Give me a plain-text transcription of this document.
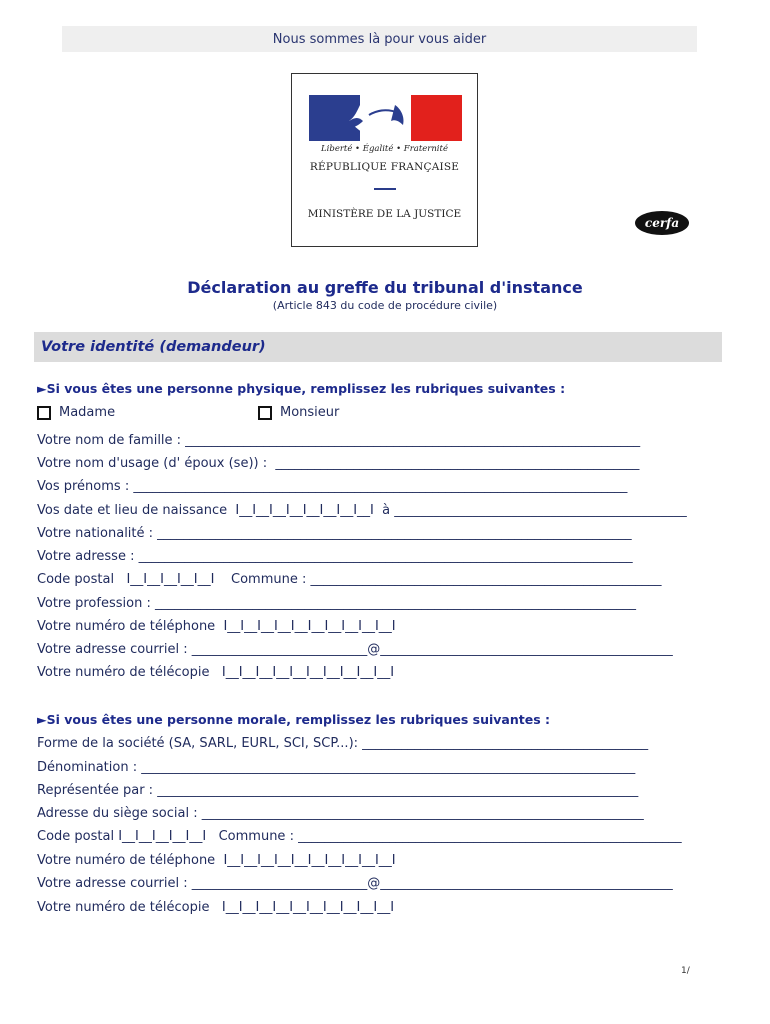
Nous sommes là pour vous aider
Liberté • Égalité • Fraternité
RÉPUBLIQUE FRANÇAISE
MINISTÈRE DE LA JUSTICE
cerfa
Déclaration au greffe du tribunal d'instance
(Article 843 du code de procédure civile)
Votre identité (demandeur)
►Si vous êtes une personne physique, remplissez les rubriques suivantes :
Madame	Monsieur
Votre nom de famille : ______________________________________________________________________
Votre nom d'usage (d' époux (se)) :  ________________________________________________________
Vos prénoms : ____________________________________________________________________________
Vos date et lieu de naissance  I__I__I__I__I__I__I__I__I  à _____________________________________________
Votre nationalité : _________________________________________________________________________
Votre adresse : ____________________________________________________________________________
Code postal   I__I__I__I__I__I    Commune : ______________________________________________________
Votre profession : __________________________________________________________________________
Votre numéro de téléphone  I__I__I__I__I__I__I__I__I__I__I
Votre adresse courriel : ___________________________@_____________________________________________
Votre numéro de télécopie   I__I__I__I__I__I__I__I__I__I__I
►Si vous êtes une personne morale, remplissez les rubriques suivantes :
Forme de la société (SA, SARL, EURL, SCI, SCP...): ____________________________________________
Dénomination : ____________________________________________________________________________
Représentée par : __________________________________________________________________________
Adresse du siège social : ____________________________________________________________________
Code postal I__I__I__I__I__I   Commune : ___________________________________________________________
Votre numéro de téléphone  I__I__I__I__I__I__I__I__I__I__I
Votre adresse courriel : ___________________________@_____________________________________________
Votre numéro de télécopie   I__I__I__I__I__I__I__I__I__I__I
1/
